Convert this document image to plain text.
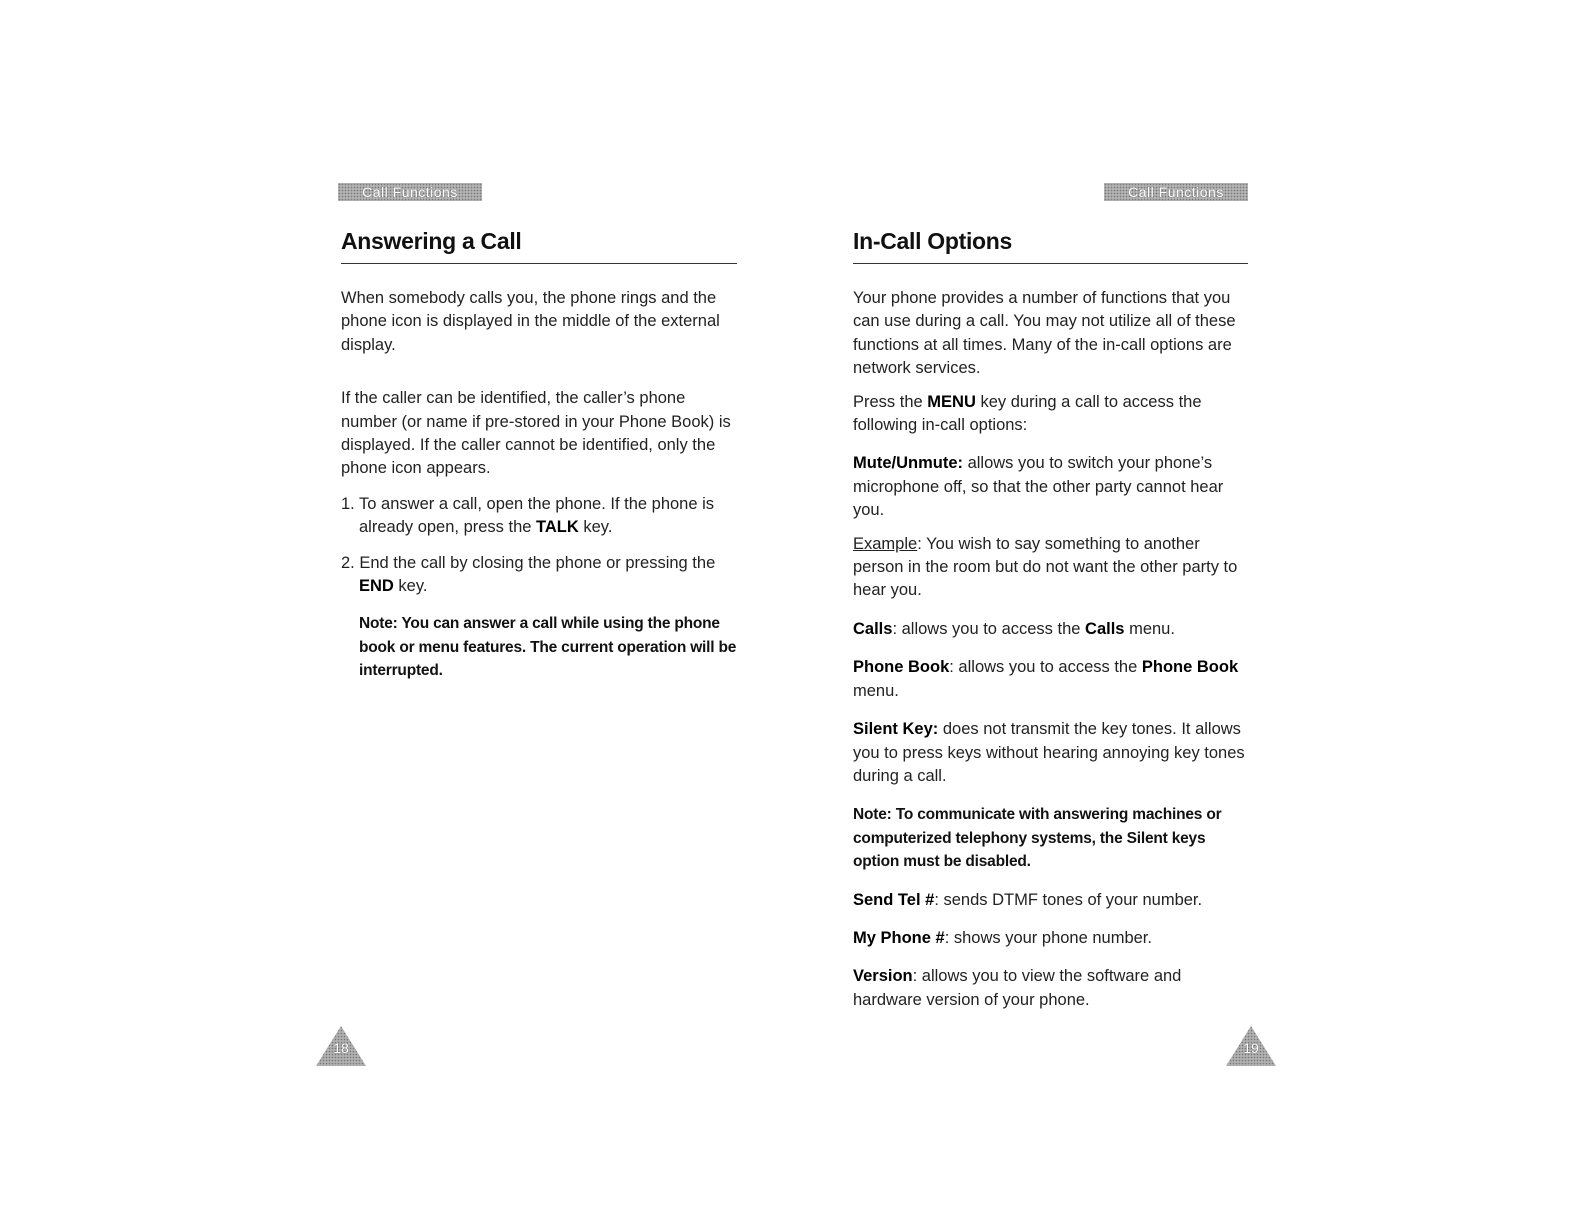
Call Functions
Answering a Call

When somebody calls you, the phone rings and the phone icon is displayed in the middle of the external display.

If the caller can be identified, the caller’s phone number (or name if pre-stored in your Phone Book) is displayed. If the caller cannot be identified, only the phone icon appears.

1. To answer a call, open the phone. If the phone is already open, press the TALK key.

2. End the call by closing the phone or pressing the END key.

Note: You can answer a call while using the phone book or menu features. The current operation will be interrupted.

18
Call Functions
In-Call Options

Your phone provides a number of functions that you can use during a call. You may not utilize all of these functions at all times. Many of the in-call options are network services.

Press the MENU key during a call to access the following in-call options:

Mute/Unmute: allows you to switch your phone’s microphone off, so that the other party cannot hear you.

Example: You wish to say something to another person in the room but do not want the other party to hear you.

Calls: allows you to access the Calls menu.

Phone Book: allows you to access the Phone Book menu.

Silent Key: does not transmit the key tones. It allows you to press keys without hearing annoying key tones during a call.

Note: To communicate with answering machines or computerized telephony systems, the Silent keys option must be disabled.

Send Tel #: sends DTMF tones of your number.

My Phone #: shows your phone number.

Version: allows you to view the software and hardware version of your phone.

19
